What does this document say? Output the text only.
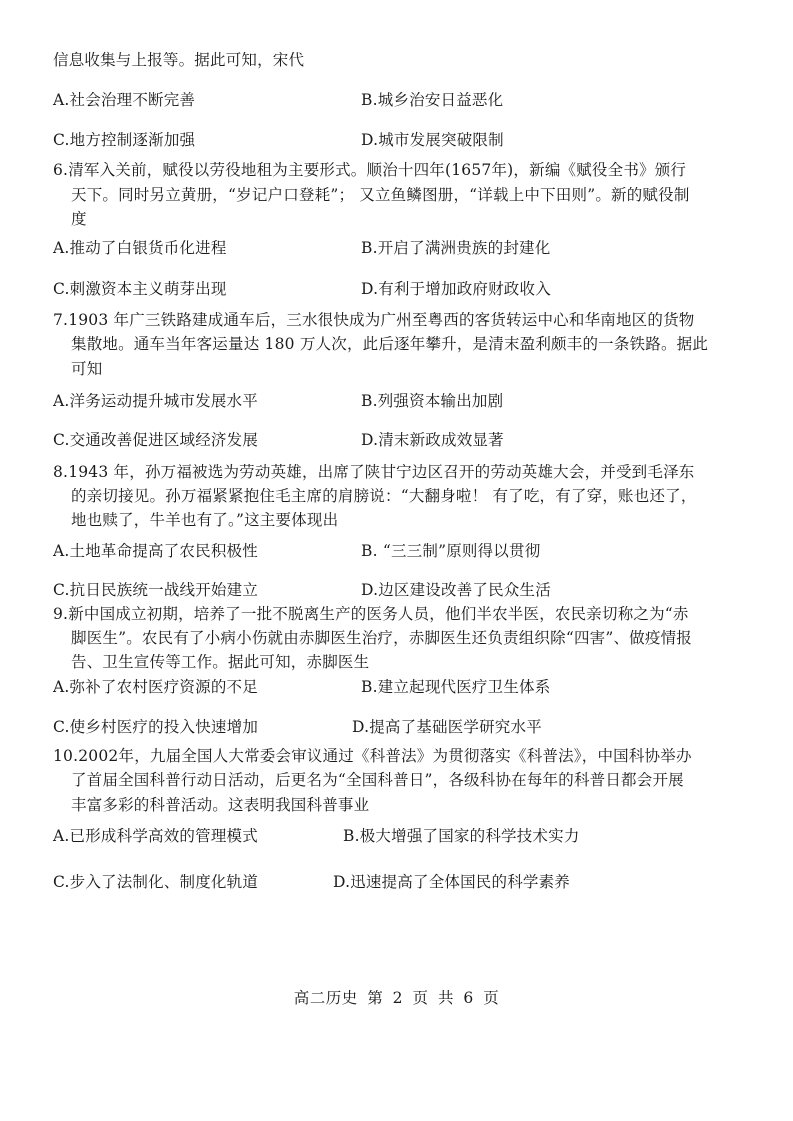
信息收集与上报等。据此可知，宋代
A.社会治理不断完善	B.城乡治安日益恶化
C.地方控制逐渐加强	D.城市发展突破限制
6.清军入关前，赋役以劳役地租为主要形式。顺治十四年(1657年)，新编《赋役全书》颁行
天下。同时另立黄册，“岁记户口登耗”； 又立鱼鳞图册，“详载上中下田则”。新的赋役制
度
A.推动了白银货币化进程	B.开启了满洲贵族的封建化
C.刺激资本主义萌芽出现	D.有利于增加政府财政收入
7.1903 年广三铁路建成通车后，三水很快成为广州至粤西的客货转运中心和华南地区的货物
集散地。通车当年客运量达 180 万人次，此后逐年攀升，是清末盈利颇丰的一条铁路。据此
可知
A.洋务运动提升城市发展水平	B.列强资本输出加剧
C.交通改善促进区域经济发展	D.清末新政成效显著
8.1943 年，孙万福被选为劳动英雄，出席了陕甘宁边区召开的劳动英雄大会，并受到毛泽东
的亲切接见。孙万福紧紧抱住毛主席的肩膀说：“大翻身啦！ 有了吃，有了穿，账也还了，
地也赎了，牛羊也有了。”这主要体现出
A.土地革命提高了农民积极性	B. “三三制”原则得以贯彻
C.抗日民族统一战线开始建立	D.边区建设改善了民众生活
9.新中国成立初期，培养了一批不脱离生产的医务人员，他们半农半医，农民亲切称之为“赤
脚医生”。农民有了小病小伤就由赤脚医生治疗，赤脚医生还负责组织除“四害”、做疫情报
告、卫生宣传等工作。据此可知，赤脚医生
A.弥补了农村医疗资源的不足	B.建立起现代医疗卫生体系
C.使乡村医疗的投入快速增加	D.提高了基础医学研究水平
10.2002年，九届全国人大常委会审议通过《科普法》为贯彻落实《科普法》，中国科协举办
了首届全国科普行动日活动，后更名为“全国科普日”，各级科协在每年的科普日都会开展
丰富多彩的科普活动。这表明我国科普事业
A.已形成科学高效的管理模式	B.极大增强了国家的科学技术实力
C.步入了法制化、制度化轨道	D.迅速提高了全体国民的科学素养
高二历史 第 2 页 共 6 页
